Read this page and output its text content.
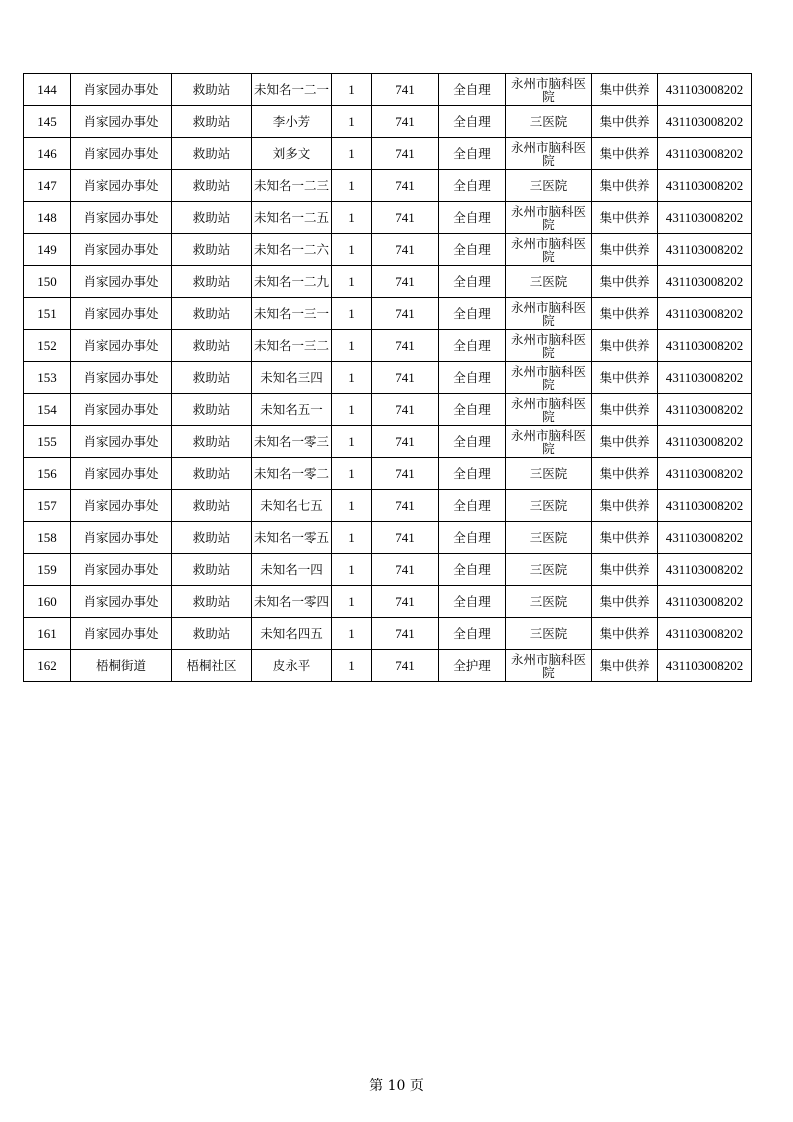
144	肖家园办事处	救助站	未知名一二一	1	741	全自理	永州市脑科医院	集中供养	431103008202
145	肖家园办事处	救助站	李小芳	1	741	全自理	三医院	集中供养	431103008202
146	肖家园办事处	救助站	刘多文	1	741	全自理	永州市脑科医院	集中供养	431103008202
147	肖家园办事处	救助站	未知名一二三	1	741	全自理	三医院	集中供养	431103008202
148	肖家园办事处	救助站	未知名一二五	1	741	全自理	永州市脑科医院	集中供养	431103008202
149	肖家园办事处	救助站	未知名一二六	1	741	全自理	永州市脑科医院	集中供养	431103008202
150	肖家园办事处	救助站	未知名一二九	1	741	全自理	三医院	集中供养	431103008202
151	肖家园办事处	救助站	未知名一三一	1	741	全自理	永州市脑科医院	集中供养	431103008202
152	肖家园办事处	救助站	未知名一三二	1	741	全自理	永州市脑科医院	集中供养	431103008202
153	肖家园办事处	救助站	未知名三四	1	741	全自理	永州市脑科医院	集中供养	431103008202
154	肖家园办事处	救助站	未知名五一	1	741	全自理	永州市脑科医院	集中供养	431103008202
155	肖家园办事处	救助站	未知名一零三	1	741	全自理	永州市脑科医院	集中供养	431103008202
156	肖家园办事处	救助站	未知名一零二	1	741	全自理	三医院	集中供养	431103008202
157	肖家园办事处	救助站	未知名七五	1	741	全自理	三医院	集中供养	431103008202
158	肖家园办事处	救助站	未知名一零五	1	741	全自理	三医院	集中供养	431103008202
159	肖家园办事处	救助站	未知名一四	1	741	全自理	三医院	集中供养	431103008202
160	肖家园办事处	救助站	未知名一零四	1	741	全自理	三医院	集中供养	431103008202
161	肖家园办事处	救助站	未知名四五	1	741	全自理	三医院	集中供养	431103008202
162	梧桐街道	梧桐社区	皮永平	1	741	全护理	永州市脑科医院	集中供养	431103008202
第 10 页
